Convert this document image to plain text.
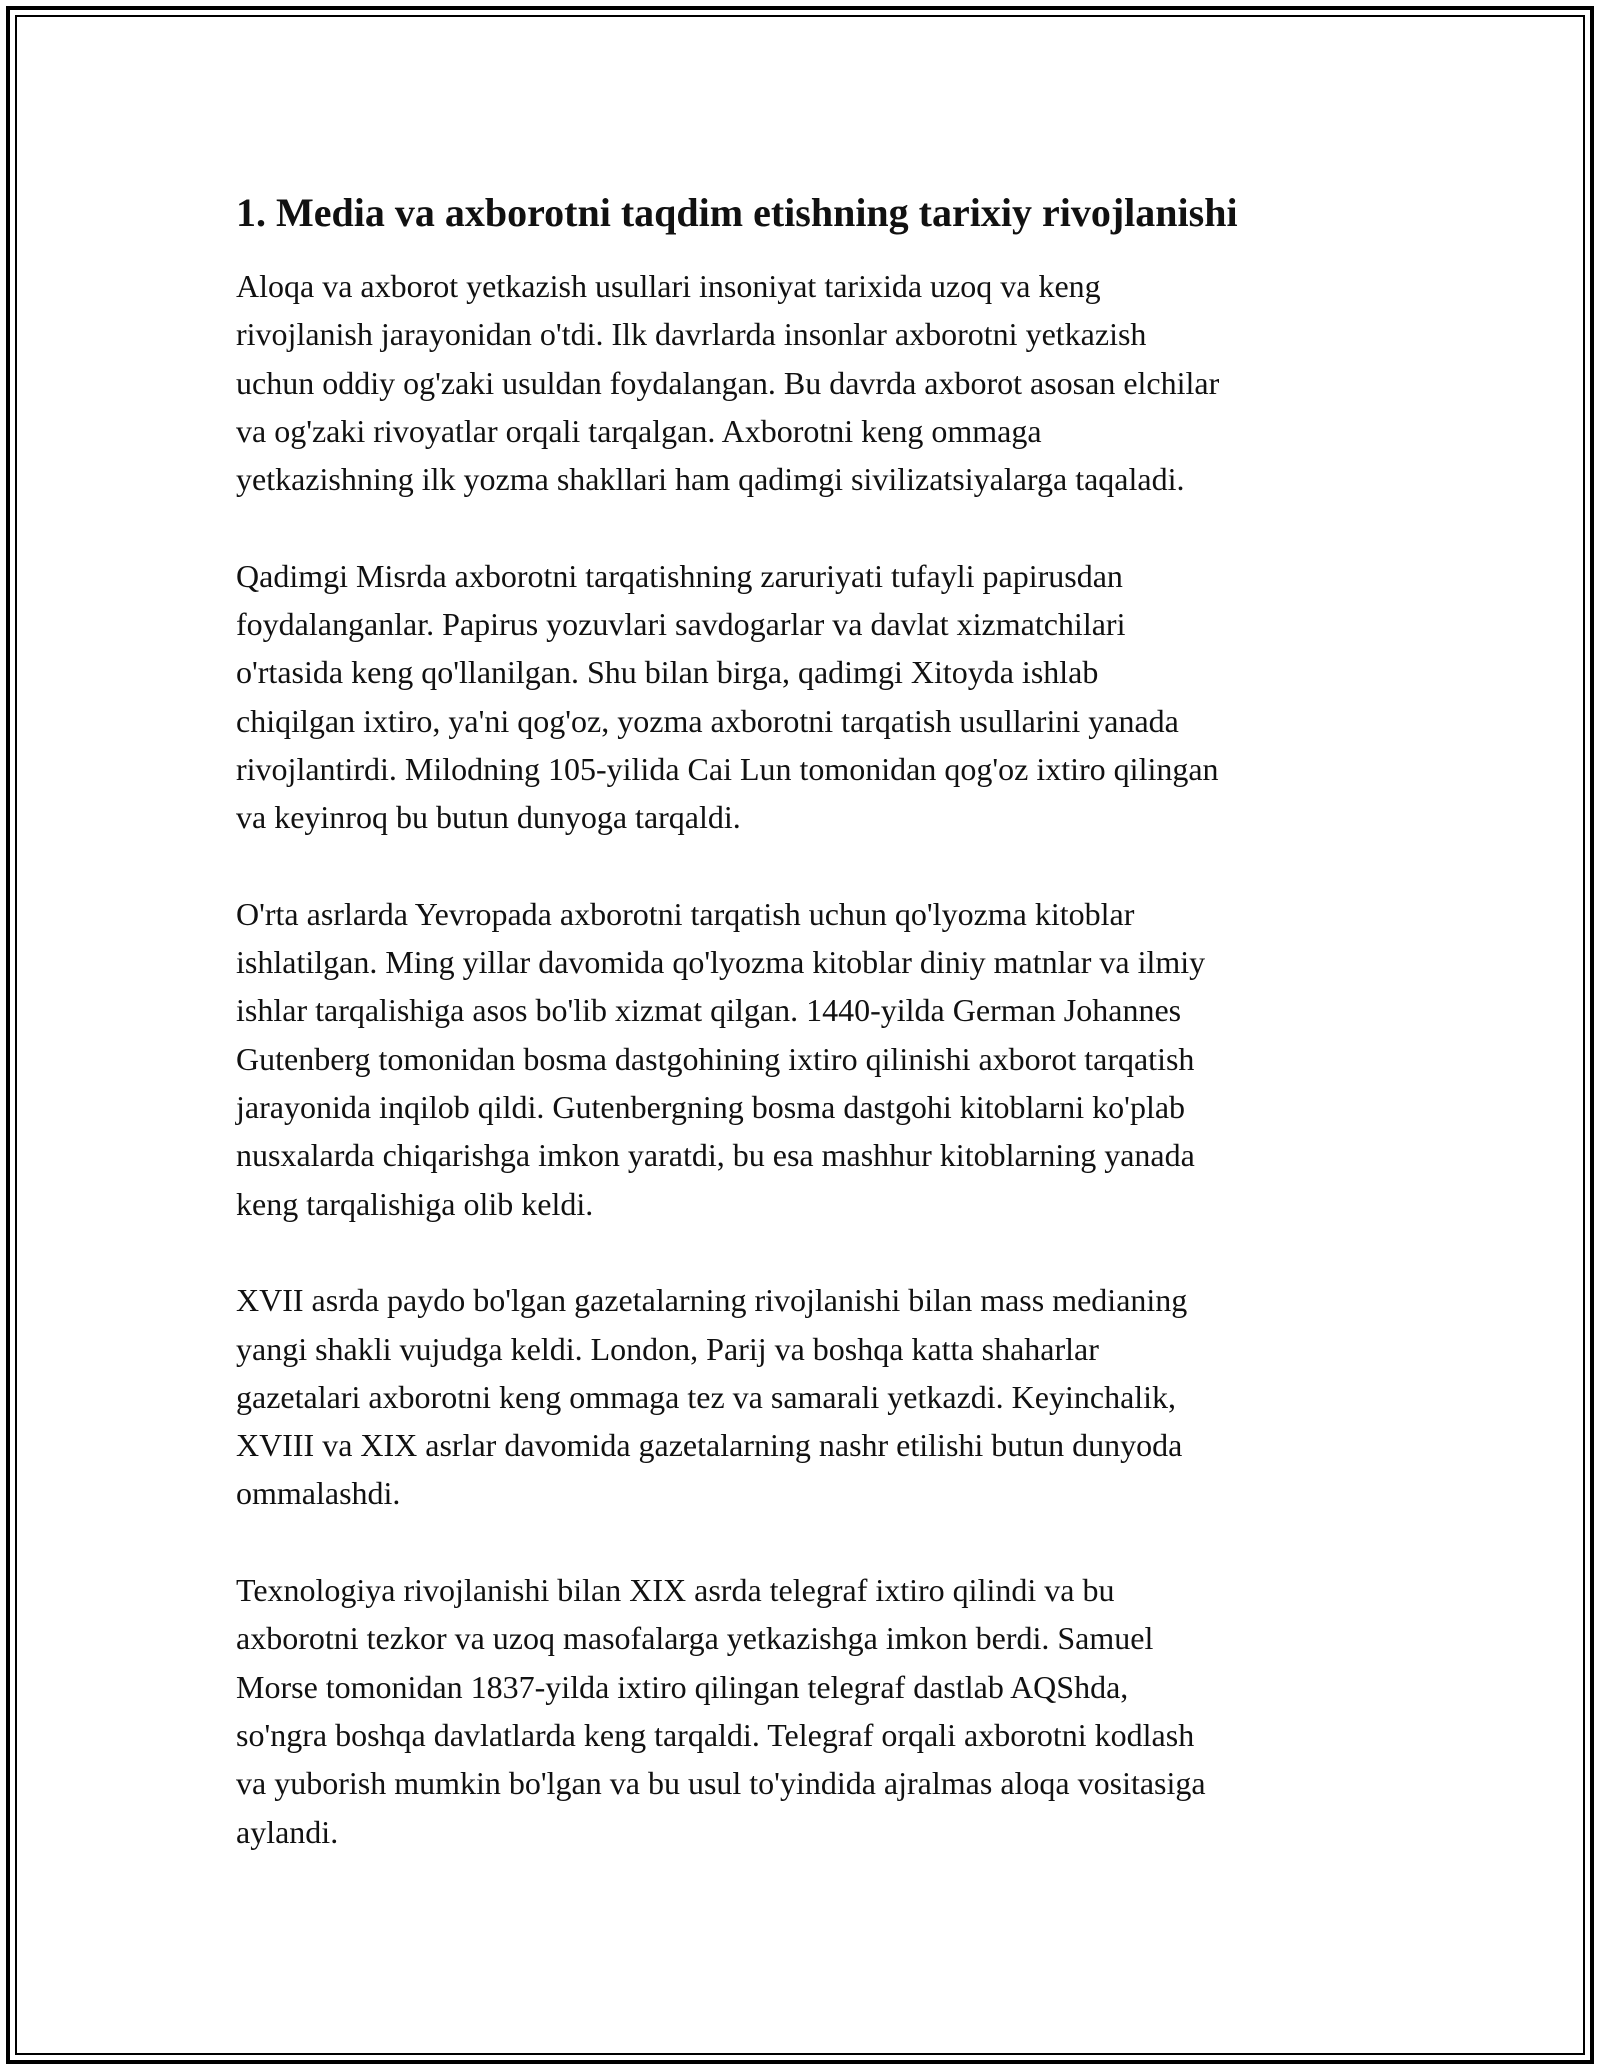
1. Media va axborotni taqdim etishning tarixiy rivojlanishi

Aloqa va axborot yetkazish usullari insoniyat tarixida uzoq va keng
rivojlanish jarayonidan o'tdi. Ilk davrlarda insonlar axborotni yetkazish
uchun oddiy og'zaki usuldan foydalangan. Bu davrda axborot asosan elchilar
va og'zaki rivoyatlar orqali tarqalgan. Axborotni keng ommaga
yetkazishning ilk yozma shakllari ham qadimgi sivilizatsiyalarga taqaladi.

Qadimgi Misrda axborotni tarqatishning zaruriyati tufayli papirusdan
foydalanganlar. Papirus yozuvlari savdogarlar va davlat xizmatchilari
o'rtasida keng qo'llanilgan. Shu bilan birga, qadimgi Xitoyda ishlab
chiqilgan ixtiro, ya'ni qog'oz, yozma axborotni tarqatish usullarini yanada
rivojlantirdi. Milodning 105-yilida Cai Lun tomonidan qog'oz ixtiro qilingan
va keyinroq bu butun dunyoga tarqaldi.

O'rta asrlarda Yevropada axborotni tarqatish uchun qo'lyozma kitoblar
ishlatilgan. Ming yillar davomida qo'lyozma kitoblar diniy matnlar va ilmiy
ishlar tarqalishiga asos bo'lib xizmat qilgan. 1440-yilda German Johannes
Gutenberg tomonidan bosma dastgohining ixtiro qilinishi axborot tarqatish
jarayonida inqilob qildi. Gutenbergning bosma dastgohi kitoblarni ko'plab
nusxalarda chiqarishga imkon yaratdi, bu esa mashhur kitoblarning yanada
keng tarqalishiga olib keldi.

XVII asrda paydo bo'lgan gazetalarning rivojlanishi bilan mass medianing
yangi shakli vujudga keldi. London, Parij va boshqa katta shaharlar
gazetalari axborotni keng ommaga tez va samarali yetkazdi. Keyinchalik,
XVIII va XIX asrlar davomida gazetalarning nashr etilishi butun dunyoda
ommalashdi.

Texnologiya rivojlanishi bilan XIX asrda telegraf ixtiro qilindi va bu
axborotni tezkor va uzoq masofalarga yetkazishga imkon berdi. Samuel
Morse tomonidan 1837-yilda ixtiro qilingan telegraf dastlab AQShda,
so'ngra boshqa davlatlarda keng tarqaldi. Telegraf orqali axborotni kodlash
va yuborish mumkin bo'lgan va bu usul to'yindida ajralmas aloqa vositasiga
aylandi.
